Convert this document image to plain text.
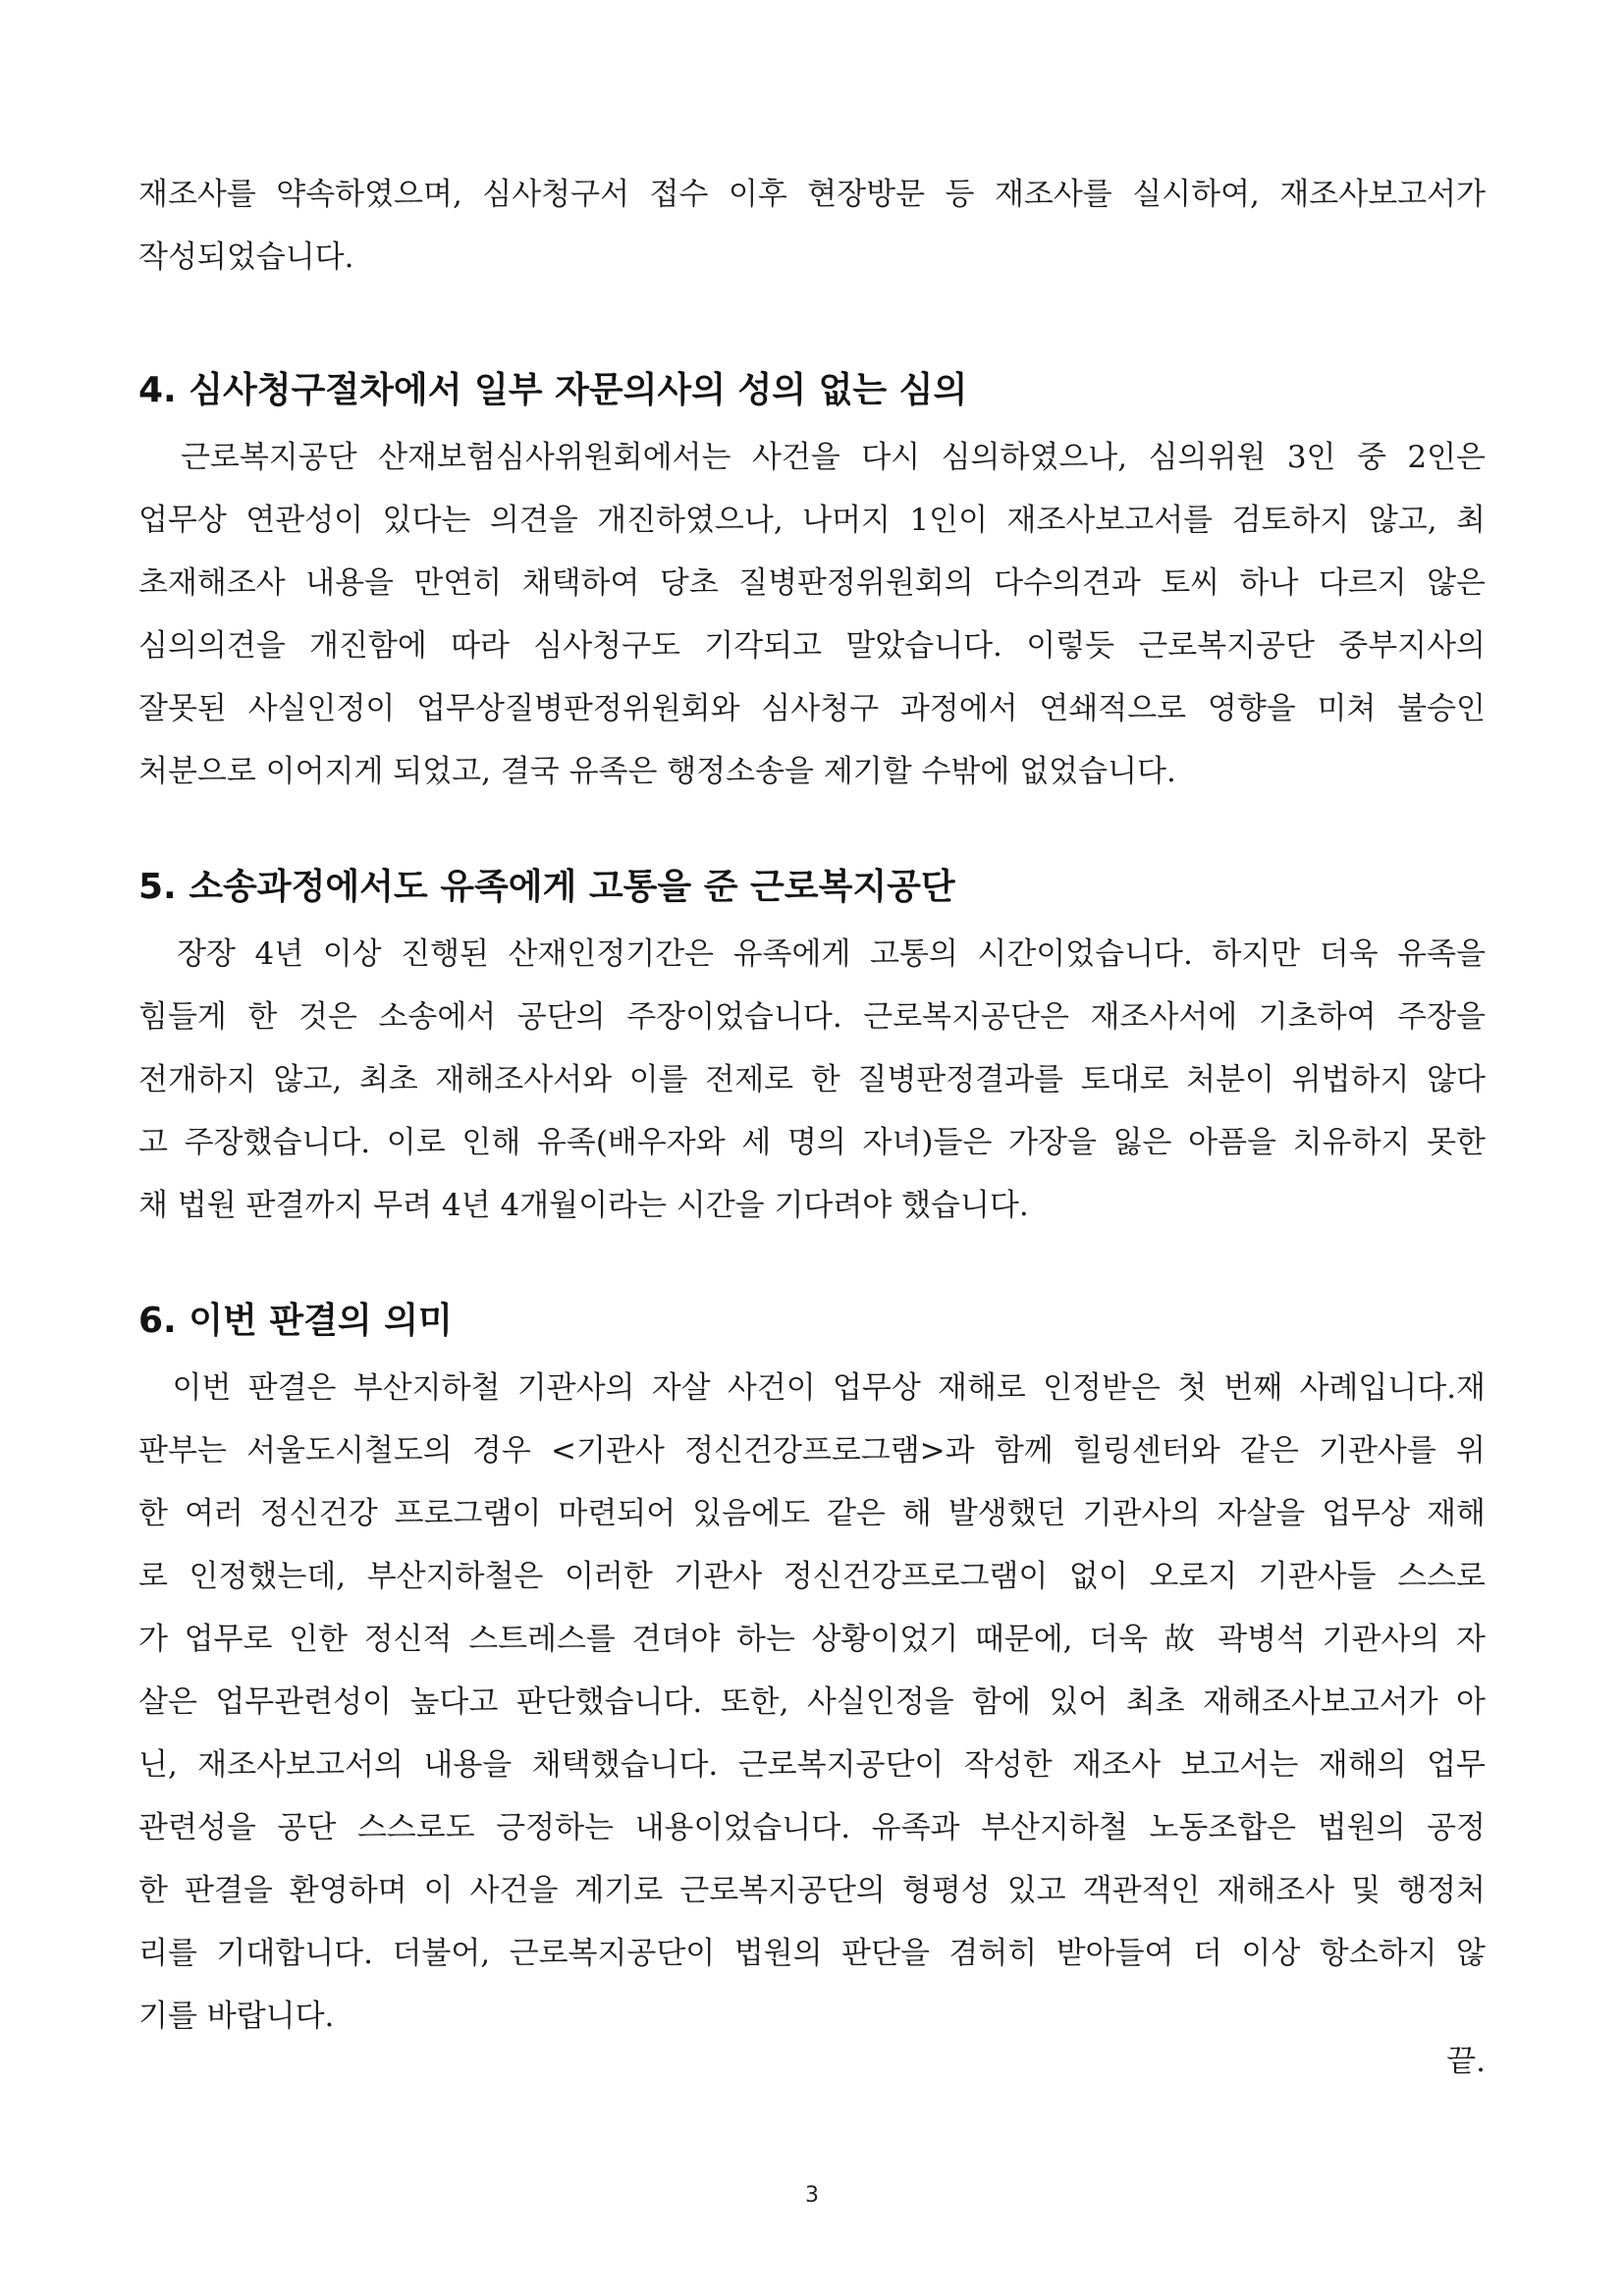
재조사를 약속하였으며, 심사청구서 접수 이후 현장방문 등 재조사를 실시하여, 재조사보고서가
작성되었습니다.
4. 심사청구절차에서 일부 자문의사의 성의 없는 심의
근로복지공단 산재보험심사위원회에서는 사건을 다시 심의하였으나, 심의위원 3인 중 2인은
업무상 연관성이 있다는 의견을 개진하였으나, 나머지 1인이 재조사보고서를 검토하지 않고, 최
초재해조사 내용을 만연히 채택하여 당초 질병판정위원회의 다수의견과 토씨 하나 다르지 않은
심의의견을 개진함에 따라 심사청구도 기각되고 말았습니다. 이렇듯 근로복지공단 중부지사의
잘못된 사실인정이 업무상질병판정위원회와 심사청구 과정에서 연쇄적으로 영향을 미쳐 불승인
처분으로 이어지게 되었고, 결국 유족은 행정소송을 제기할 수밖에 없었습니다.
5. 소송과정에서도 유족에게 고통을 준 근로복지공단
장장 4년 이상 진행된 산재인정기간은 유족에게 고통의 시간이었습니다. 하지만 더욱 유족을
힘들게 한 것은 소송에서 공단의 주장이었습니다. 근로복지공단은 재조사서에 기초하여 주장을
전개하지 않고, 최초 재해조사서와 이를 전제로 한 질병판정결과를 토대로 처분이 위법하지 않다
고 주장했습니다. 이로 인해 유족(배우자와 세 명의 자녀)들은 가장을 잃은 아픔을 치유하지 못한
채 법원 판결까지 무려 4년 4개월이라는 시간을 기다려야 했습니다.
6. 이번 판결의 의미
이번 판결은 부산지하철 기관사의 자살 사건이 업무상 재해로 인정받은 첫 번째 사례입니다.재
판부는 서울도시철도의 경우 <기관사 정신건강프로그램>과 함께 힐링센터와 같은 기관사를 위
한 여러 정신건강 프로그램이 마련되어 있음에도 같은 해 발생했던 기관사의 자살을 업무상 재해
로 인정했는데, 부산지하철은 이러한 기관사 정신건강프로그램이 없이 오로지 기관사들 스스로
가 업무로 인한 정신적 스트레스를 견뎌야 하는 상황이었기 때문에, 더욱 故 곽병석 기관사의 자
살은 업무관련성이 높다고 판단했습니다. 또한, 사실인정을 함에 있어 최초 재해조사보고서가 아
닌, 재조사보고서의 내용을 채택했습니다. 근로복지공단이 작성한 재조사 보고서는 재해의 업무
관련성을 공단 스스로도 긍정하는 내용이었습니다. 유족과 부산지하철 노동조합은 법원의 공정
한 판결을 환영하며 이 사건을 계기로 근로복지공단의 형평성 있고 객관적인 재해조사 및 행정처
리를 기대합니다. 더불어, 근로복지공단이 법원의 판단을 겸허히 받아들여 더 이상 항소하지 않
기를 바랍니다.
끝.
3
